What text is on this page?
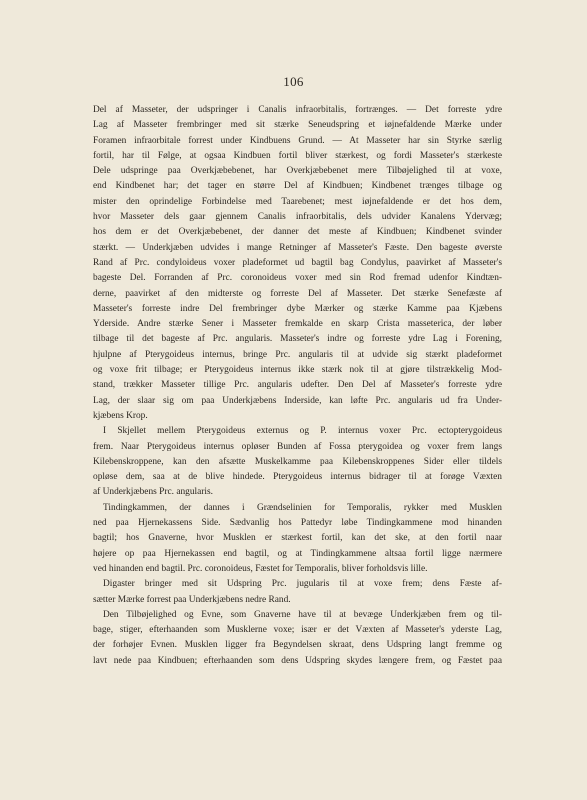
106
Del af Masseter, der udspringer i Canalis infraorbitalis, fortrænges. — Det forreste ydre
Lag af Masseter frembringer med sit stærke Seneudspring et iøjnefaldende Mærke under
Foramen infraorbitale forrest under Kindbuens Grund. — At Masseter har sin Styrke særlig
fortil, har til Følge, at ogsaa Kindbuen fortil bliver stærkest, og fordi Masseter's stærkeste
Dele udspringe paa Overkjæbebenet, har Overkjæbebenet mere Tilbøjelighed til at voxe,
end Kindbenet har; det tager en større Del af Kindbuen; Kindbenet trænges tilbage og
mister den oprindelige Forbindelse med Taarebenet; mest iøjnefaldende er det hos dem,
hvor Masseter dels gaar gjennem Canalis infraorbitalis, dels udvider Kanalens Ydervæg;
hos dem er det Overkjæbebenet, der danner det meste af Kindbuen; Kindbenet svinder
stærkt. — Underkjæben udvides i mange Retninger af Masseter's Fæste. Den bageste øverste
Rand af Prc. condyloideus voxer pladeformet ud bagtil bag Condylus, paavirket af Masseter's
bageste Del. Forranden af Prc. coronoideus voxer med sin Rod fremad udenfor Kindtæn-
derne, paavirket af den midterste og forreste Del af Masseter. Det stærke Senefæste af
Masseter's forreste indre Del frembringer dybe Mærker og stærke Kamme paa Kjæbens
Yderside. Andre stærke Sener i Masseter fremkalde en skarp Crista masseterica, der løber
tilbage til det bageste af Prc. angularis. Masseter's indre og forreste ydre Lag i Forening,
hjulpne af Pterygoideus internus, bringe Prc. angularis til at udvide sig stærkt pladeformet
og voxe frit tilbage; er Pterygoideus internus ikke stærk nok til at gjøre tilstrækkelig Mod-
stand, trækker Masseter tillige Prc. angularis udefter. Den Del af Masseter's forreste ydre
Lag, der slaar sig om paa Underkjæbens Inderside, kan løfte Prc. angularis ud fra Under-
kjæbens Krop.
I Skjellet mellem Pterygoideus externus og P. internus voxer Prc. ectopterygoideus
frem. Naar Pterygoideus internus opløser Bunden af Fossa pterygoidea og voxer frem langs
Kilebenskroppene, kan den afsætte Muskelkamme paa Kilebenskroppenes Sider eller tildels
opløse dem, saa at de blive hindede. Pterygoideus internus bidrager til at forøge Væxten
af Underkjæbens Prc. angularis.
Tindingkammen, der dannes i Grændselinien for Temporalis, rykker med Musklen
ned paa Hjernekassens Side. Sædvanlig hos Pattedyr løbe Tindingkammene mod hinanden
bagtil; hos Gnaverne, hvor Musklen er stærkest fortil, kan det ske, at den fortil naar
højere op paa Hjernekassen end bagtil, og at Tindingkammene altsaa fortil ligge nærmere
ved hinanden end bagtil. Prc. coronoideus, Fæstet for Temporalis, bliver forholdsvis lille.
Digaster bringer med sit Udspring Prc. jugularis til at voxe frem; dens Fæste af-
sætter Mærke forrest paa Underkjæbens nedre Rand.
Den Tilbøjelighed og Evne, som Gnaverne have til at bevæge Underkjæben frem og til-
bage, stiger, efterhaanden som Musklerne voxe; især er det Væxten af Masseter's yderste Lag,
der forhøjer Evnen. Musklen ligger fra Begyndelsen skraat, dens Udspring langt fremme og
lavt nede paa Kindbuen; efterhaanden som dens Udspring skydes længere frem, og Fæstet paa
